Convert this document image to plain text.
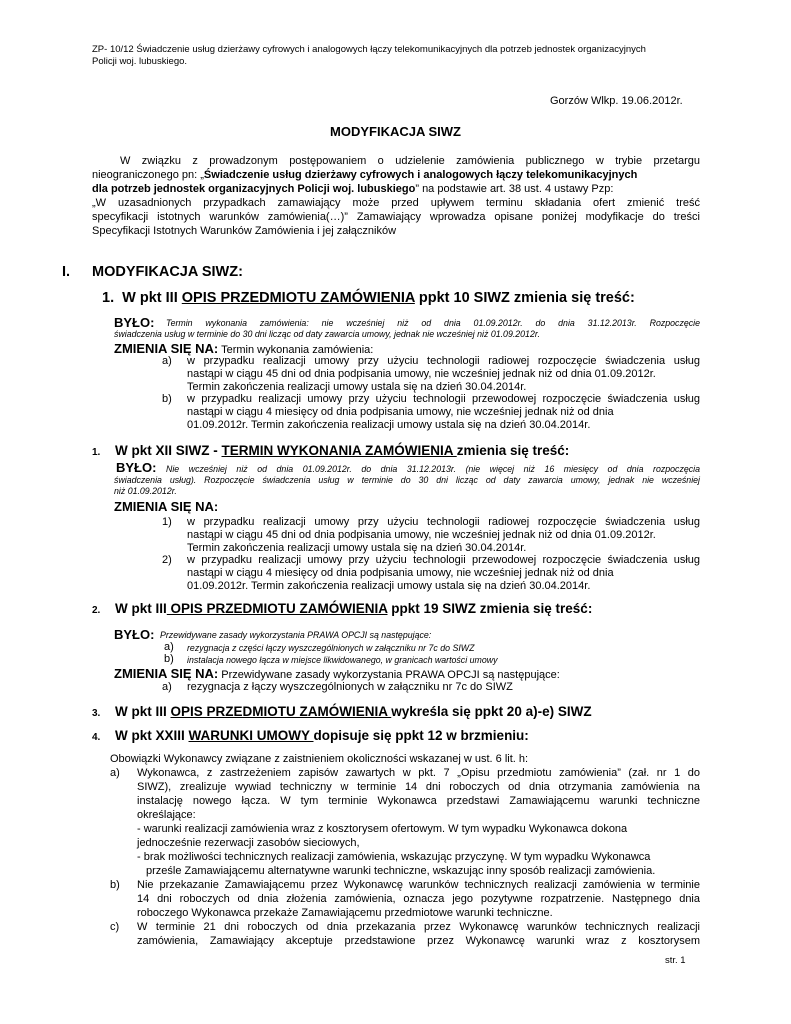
ZP- 10/12 Świadczenie usług dzierżawy cyfrowych i analogowych łączy telekomunikacyjnych dla potrzeb jednostek organizacyjnych
Policji woj. lubuskiego.
Gorzów Wlkp. 19.06.2012r.
MODYFIKACJA SIWZ
W związku z prowadzonym postępowaniem o udzielenie zamówienia publicznego w trybie przetargu
nieograniczonego pn: „Świadczenie usług dzierżawy cyfrowych i analogowych łączy telekomunikacyjnych
dla potrzeb jednostek organizacyjnych Policji woj. lubuskiego” na podstawie art. 38 ust. 4 ustawy Pzp:
„W uzasadnionych przypadkach zamawiający może przed upływem terminu składania ofert zmienić treść
specyfikacji istotnych warunków zamówienia(…)” Zamawiający wprowadza opisane poniżej modyfikacje do treści
Specyfikacji Istotnych Warunków Zamówienia i jej załączników
I. MODYFIKACJA SIWZ:
1. W pkt III OPIS PRZEDMIOTU ZAMÓWIENIA ppkt 10 SIWZ zmienia się treść:
BYŁO: Termin wykonania zamówienia: nie wcześniej niż od dnia 01.09.2012r. do dnia 31.12.2013r. Rozpoczęcie
świadczenia usług w terminie do 30 dni licząc od daty zawarcia umowy, jednak nie wcześniej niż 01.09.2012r.
ZMIENIA SIĘ NA: Termin wykonania zamówienia:
a) w przypadku realizacji umowy przy użyciu technologii radiowej rozpoczęcie świadczenia usług
nastąpi w ciągu 45 dni od dnia podpisania umowy, nie wcześniej jednak niż od dnia 01.09.2012r.
Termin zakończenia realizacji umowy ustala się na dzień 30.04.2014r.
b) w przypadku realizacji umowy przy użyciu technologii przewodowej rozpoczęcie świadczenia usług
nastąpi w ciągu 4 miesięcy od dnia podpisania umowy, nie wcześniej jednak niż od dnia
01.09.2012r. Termin zakończenia realizacji umowy ustala się na dzień 30.04.2014r.
1. W pkt XII SIWZ - TERMIN WYKONANIA ZAMÓWIENIA zmienia się treść:
BYŁO: Nie wcześniej niż od dnia 01.09.2012r. do dnia 31.12.2013r. (nie więcej niż 16 miesięcy od dnia rozpoczęcia
świadczenia usług). Rozpoczęcie świadczenia usług w terminie do 30 dni licząc od daty zawarcia umowy, jednak nie wcześniej
niż 01.09.2012r.
ZMIENIA SIĘ NA:
1) w przypadku realizacji umowy przy użyciu technologii radiowej rozpoczęcie świadczenia usług
nastąpi w ciągu 45 dni od dnia podpisania umowy, nie wcześniej jednak niż od dnia 01.09.2012r.
Termin zakończenia realizacji umowy ustala się na dzień 30.04.2014r.
2) w przypadku realizacji umowy przy użyciu technologii przewodowej rozpoczęcie świadczenia usług
nastąpi w ciągu 4 miesięcy od dnia podpisania umowy, nie wcześniej jednak niż od dnia
01.09.2012r. Termin zakończenia realizacji umowy ustala się na dzień 30.04.2014r.
2. W pkt III OPIS PRZEDMIOTU ZAMÓWIENIA ppkt 19 SIWZ zmienia się treść:
BYŁO: Przewidywane zasady wykorzystania PRAWA OPCJI są następujące:
a) rezygnacja z części łączy wyszczególnionych w załączniku nr 7c do SIWZ
b) instalacja nowego łącza w miejsce likwidowanego, w granicach wartości umowy
ZMIENIA SIĘ NA: Przewidywane zasady wykorzystania PRAWA OPCJI są następujące:
a) rezygnacja z łączy wyszczególnionych w załączniku nr 7c do SIWZ
3. W pkt III OPIS PRZEDMIOTU ZAMÓWIENIA wykreśla się ppkt 20 a)-e) SIWZ
4. W pkt XXIII WARUNKI UMOWY dopisuje się ppkt 12 w brzmieniu:
Obowiązki Wykonawcy związane z zaistnieniem okoliczności wskazanej w ust. 6 lit. h:
a) Wykonawca, z zastrzeżeniem zapisów zawartych w pkt. 7 „Opisu przedmiotu zamówienia” (zał. nr 1 do
SIWZ), zrealizuje wywiad techniczny w terminie 14 dni roboczych od dnia otrzymania zamówienia na
instalację nowego łącza. W tym terminie Wykonawca przedstawi Zamawiającemu warunki techniczne
określające:
- warunki realizacji zamówienia wraz z kosztorysem ofertowym. W tym wypadku Wykonawca dokona
jednocześnie rezerwacji zasobów sieciowych,
- brak możliwości technicznych realizacji zamówienia, wskazując przyczynę. W tym wypadku Wykonawca
prześle Zamawiającemu alternatywne warunki techniczne, wskazując inny sposób realizacji zamówienia.
b) Nie przekazanie Zamawiającemu przez Wykonawcę warunków technicznych realizacji zamówienia w terminie
14 dni roboczych od dnia złożenia zamówienia, oznacza jego pozytywne rozpatrzenie. Następnego dnia
roboczego Wykonawca przekaże Zamawiającemu przedmiotowe warunki techniczne.
c) W terminie 21 dni roboczych od dnia przekazania przez Wykonawcę warunków technicznych realizacji
zamówienia, Zamawiający akceptuje przedstawione przez Wykonawcę warunki wraz z kosztorysem
str. 1
